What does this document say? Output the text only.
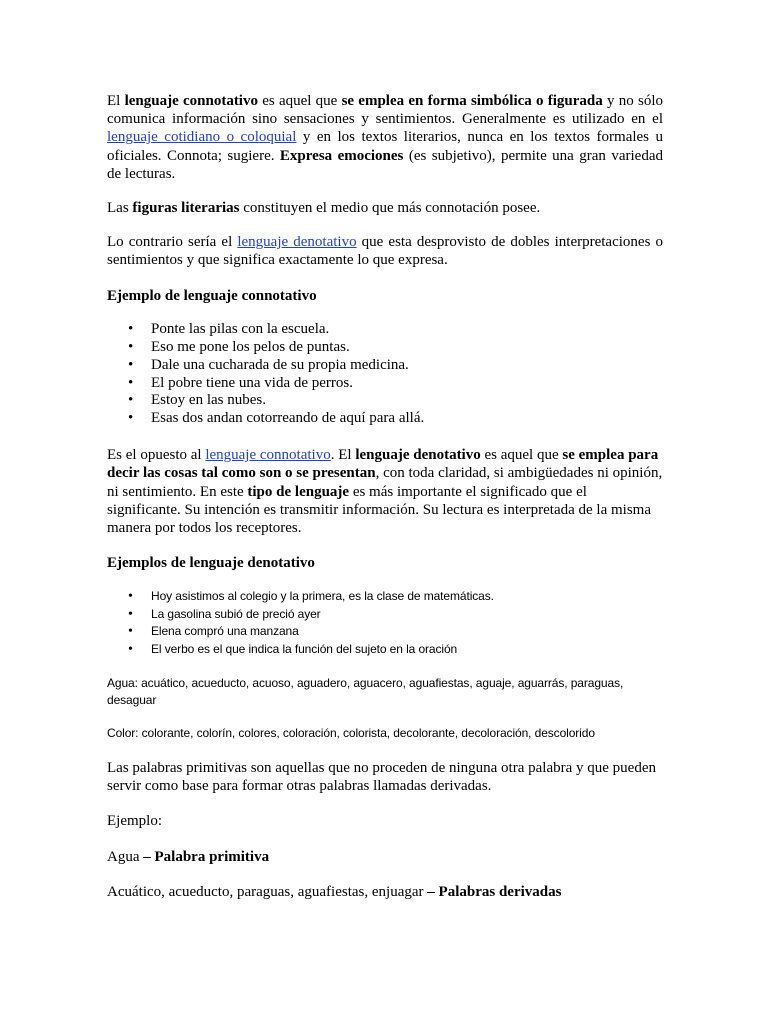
El lenguaje connotativo es aquel que se emplea en forma simbólica o figurada y no sólo comunica información sino sensaciones y sentimientos. Generalmente es utilizado en el lenguaje cotidiano o coloquial y en los textos literarios, nunca en los textos formales u oficiales. Connota; sugiere. Expresa emociones (es subjetivo), permite una gran variedad de lecturas.

Las figuras literarias constituyen el medio que más connotación posee.

Lo contrario sería el lenguaje denotativo que esta desprovisto de dobles interpretaciones o sentimientos y que significa exactamente lo que expresa.

Ejemplo de lenguaje connotativo

• Ponte las pilas con la escuela.
• Eso me pone los pelos de puntas.
• Dale una cucharada de su propia medicina.
• El pobre tiene una vida de perros.
• Estoy en las nubes.
• Esas dos andan cotorreando de aquí para allá.

Es el opuesto al lenguaje connotativo. El lenguaje denotativo es aquel que se emplea para decir las cosas tal como son o se presentan, con toda claridad, si ambigüedades ni opinión, ni sentimiento. En este tipo de lenguaje es más importante el significado que el significante. Su intención es transmitir información. Su lectura es interpretada de la misma manera por todos los receptores.

Ejemplos de lenguaje denotativo

• Hoy asistimos al colegio y la primera, es la clase de matemáticas.
• La gasolina subió de preció ayer
• Elena compró una manzana
• El verbo es el que indica la función del sujeto en la oración

Agua: acuático, acueducto, acuoso, aguadero, aguacero, aguafiestas, aguaje, aguarrás, paraguas, desaguar

Color: colorante, colorín, colores, coloración, colorista, decolorante, decoloración, descolorido

Las palabras primitivas son aquellas que no proceden de ninguna otra palabra y que pueden servir como base para formar otras palabras llamadas derivadas.

Ejemplo:

Agua – Palabra primitiva

Acuático, acueducto, paraguas, aguafiestas, enjuagar – Palabras derivadas
